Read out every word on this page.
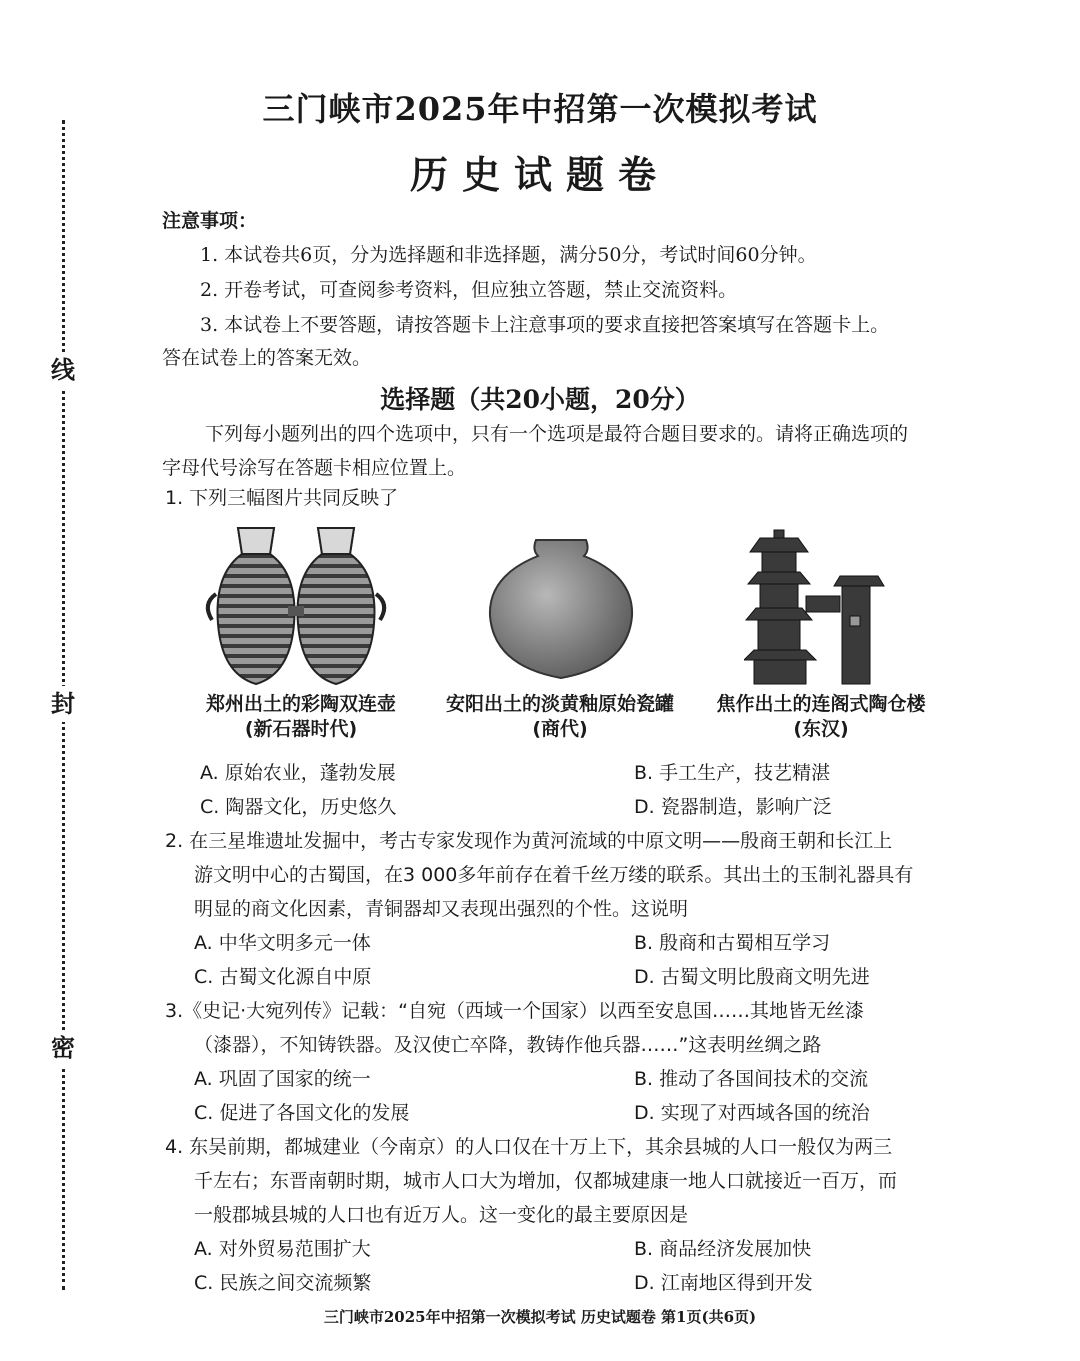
线
封
密
三门峡市2025年中招第一次模拟考试
历史试题卷
注意事项：
1. 本试卷共6页，分为选择题和非选择题，满分50分，考试时间60分钟。
2. 开卷考试，可查阅参考资料，但应独立答题，禁止交流资料。
3. 本试卷上不要答题，请按答题卡上注意事项的要求直接把答案填写在答题卡上。
答在试卷上的答案无效。
选择题（共20小题，20分）
下列每小题列出的四个选项中，只有一个选项是最符合题目要求的。请将正确选项的
字母代号涂写在答题卡相应位置上。
1. 下列三幅图片共同反映了
郑州出土的彩陶双连壶
(新石器时代)
安阳出土的淡黄釉原始瓷罐
(商代)
焦作出土的连阁式陶仓楼
(东汉)
A. 原始农业，蓬勃发展	B. 手工生产，技艺精湛
C. 陶器文化，历史悠久	D. 瓷器制造，影响广泛
2. 在三星堆遗址发掘中，考古专家发现作为黄河流域的中原文明——殷商王朝和长江上
游文明中心的古蜀国，在3 000多年前存在着千丝万缕的联系。其出土的玉制礼器具有
明显的商文化因素，青铜器却又表现出强烈的个性。这说明
A. 中华文明多元一体	B. 殷商和古蜀相互学习
C. 古蜀文化源自中原	D. 古蜀文明比殷商文明先进
3.《史记·大宛列传》记载：“自宛（西域一个国家）以西至安息国……其地皆无丝漆
（漆器），不知铸铁器。及汉使亡卒降，教铸作他兵器……”这表明丝绸之路
A. 巩固了国家的统一	B. 推动了各国间技术的交流
C. 促进了各国文化的发展	D. 实现了对西域各国的统治
4. 东吴前期，都城建业（今南京）的人口仅在十万上下，其余县城的人口一般仅为两三
千左右；东晋南朝时期，城市人口大为增加，仅都城建康一地人口就接近一百万，而
一般郡城县城的人口也有近万人。这一变化的最主要原因是
A. 对外贸易范围扩大	B. 商品经济发展加快
C. 民族之间交流频繁	D. 江南地区得到开发
三门峡市2025年中招第一次模拟考试 历史试题卷 第1页(共6页)
